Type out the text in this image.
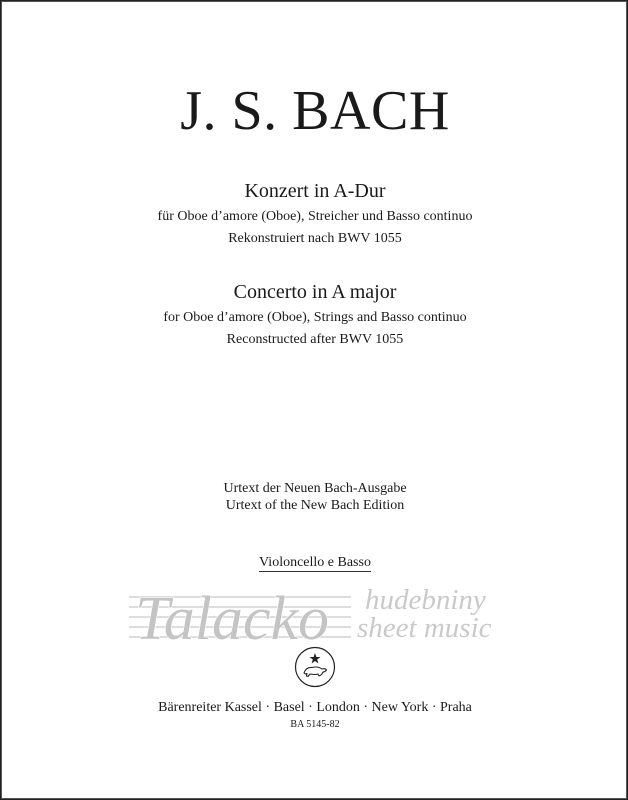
J. S. BACH
Konzert in A-Dur
für Oboe d’amore (Oboe), Streicher und Basso continuo
Rekonstruiert nach BWV 1055
Concerto in A major
for Oboe d’amore (Oboe), Strings and Basso continuo
Reconstructed after BWV 1055
Urtext der Neuen Bach-Ausgabe
Urtext of the New Bach Edition
Violoncello e Basso
Talacko hudebniny
sheet music
Bärenreiter Kassel · Basel · London · New York · Praha
BA 5145-82
